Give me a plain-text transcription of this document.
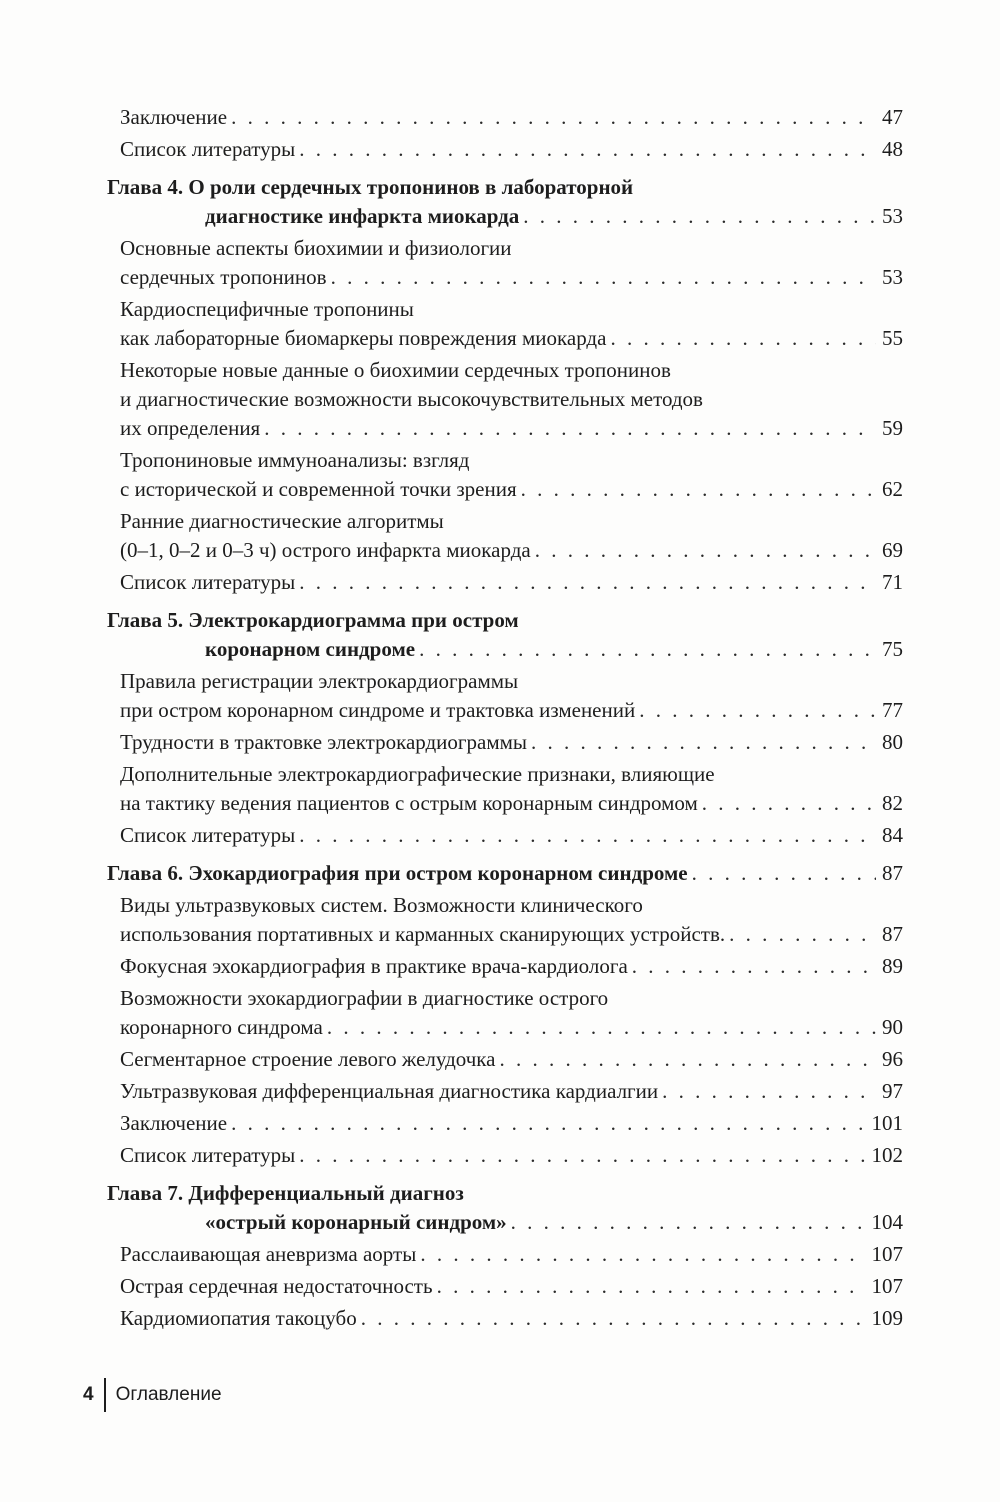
Заключение . . .	47
Список литературы . . .	48
Глава 4. О роли сердечных тропонинов в лабораторной
диагностике инфаркта миокарда . . .	53
Основные аспекты биохимии и физиологии
сердечных тропонинов . . .	53
Кардиоспецифичные тропонины
как лабораторные биомаркеры повреждения миокарда . . .	55
Некоторые новые данные о биохимии сердечных тропонинов
и диагностические возможности высокочувствительных методов
их определения . . .	59
Тропониновые иммуноанализы: взгляд
с исторической и современной точки зрения . . .	62
Ранние диагностические алгоритмы
(0–1, 0–2 и 0–3 ч) острого инфаркта миокарда . . .	69
Список литературы . . .	71
Глава 5. Электрокардиограмма при остром
коронарном синдроме . . .	75
Правила регистрации электрокардиограммы
при остром коронарном синдроме и трактовка изменений . . .	77
Трудности в трактовке электрокардиограммы . . .	80
Дополнительные электрокардиографические признаки, влияющие
на тактику ведения пациентов с острым коронарным синдромом . . .	82
Список литературы . . .	84
Глава 6. Эхокардиография при остром коронарном синдроме . . .	87
Виды ультразвуковых систем. Возможности клинического
использования портативных и карманных сканирующих устройств. . . .	87
Фокусная эхокардиография в практике врача-кардиолога . . .	89
Возможности эхокардиографии в диагностике острого
коронарного синдрома . . .	90
Сегментарное строение левого желудочка . . .	96
Ультразвуковая дифференциальная диагностика кардиалгии . . .	97
Заключение . . .	101
Список литературы . . .	102
Глава 7. Дифференциальный диагноз
«острый коронарный синдром» . . .	104
Расслаивающая аневризма аорты . . .	107
Острая сердечная недостаточность . . .	107
Кардиомиопатия такоцубо . . .	109
4 Оглавление
